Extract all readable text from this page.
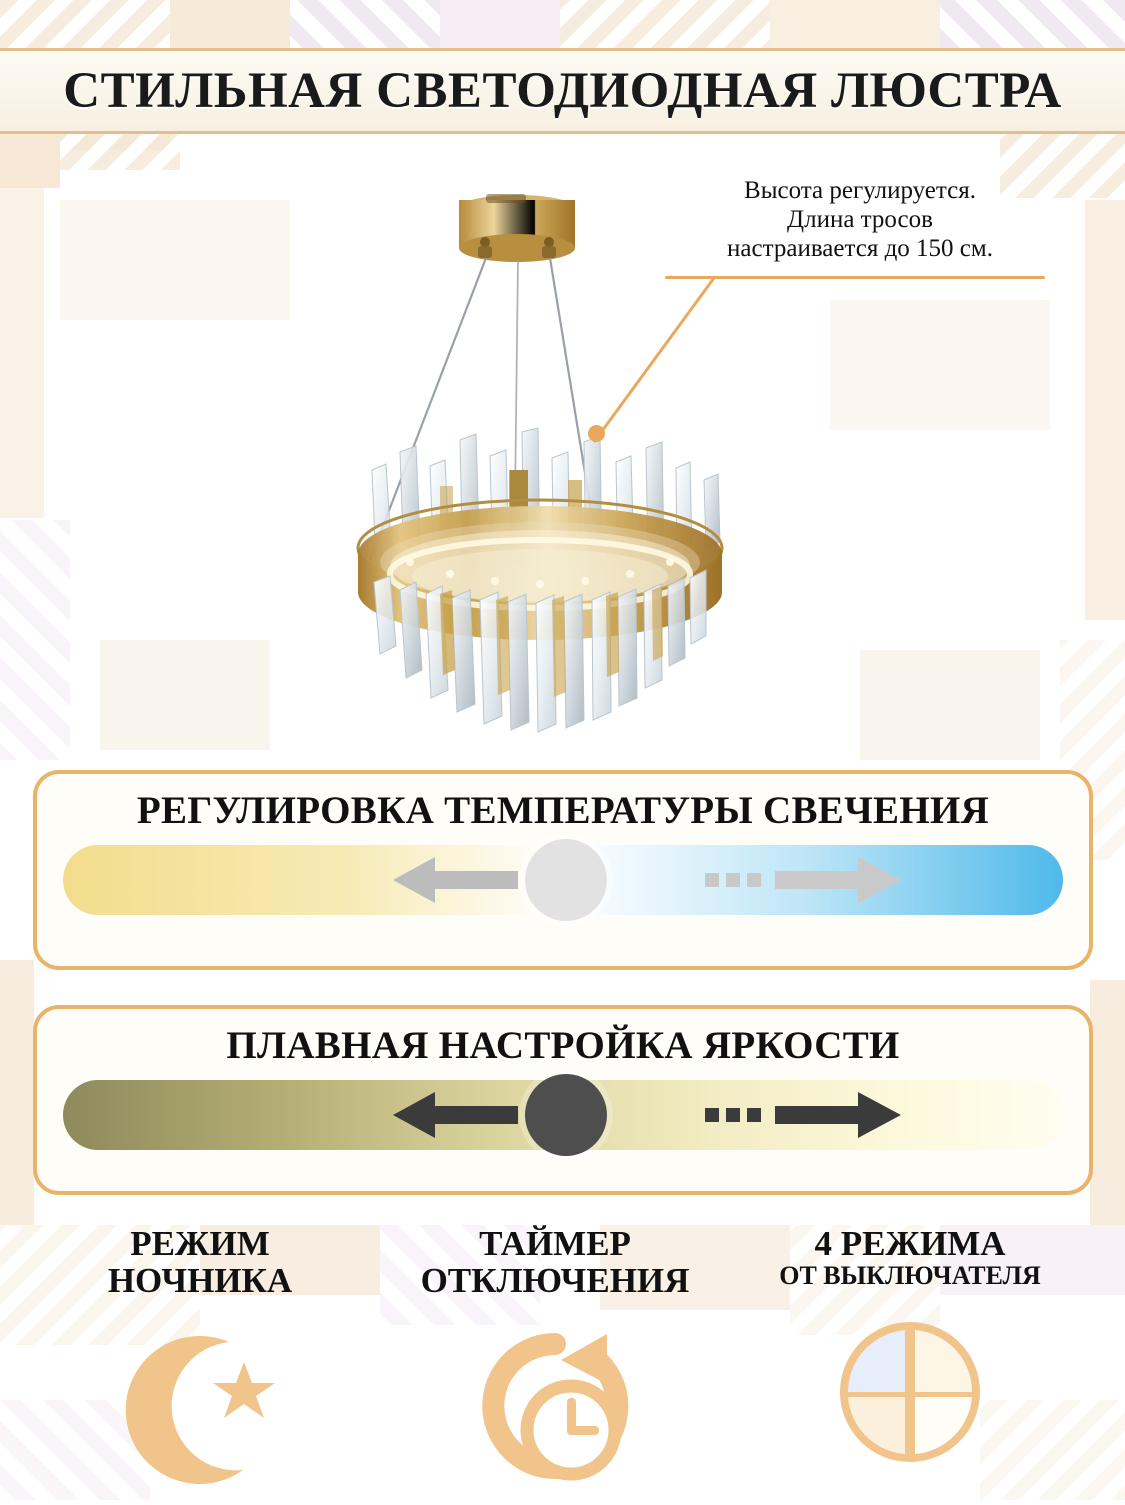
СТИЛЬНАЯ СВЕТОДИОДНАЯ ЛЮСТРА
Высота регулируется.
Длина тросов
настраивается до 150 см.
РЕГУЛИРОВКА ТЕМПЕРАТУРЫ СВЕЧЕНИЯ
ПЛАВНАЯ НАСТРОЙКА ЯРКОСТИ
РЕЖИМ
НОЧНИКА
ТАЙМЕР
ОТКЛЮЧЕНИЯ
4 РЕЖИМА
ОТ ВЫКЛЮЧАТЕЛЯ
